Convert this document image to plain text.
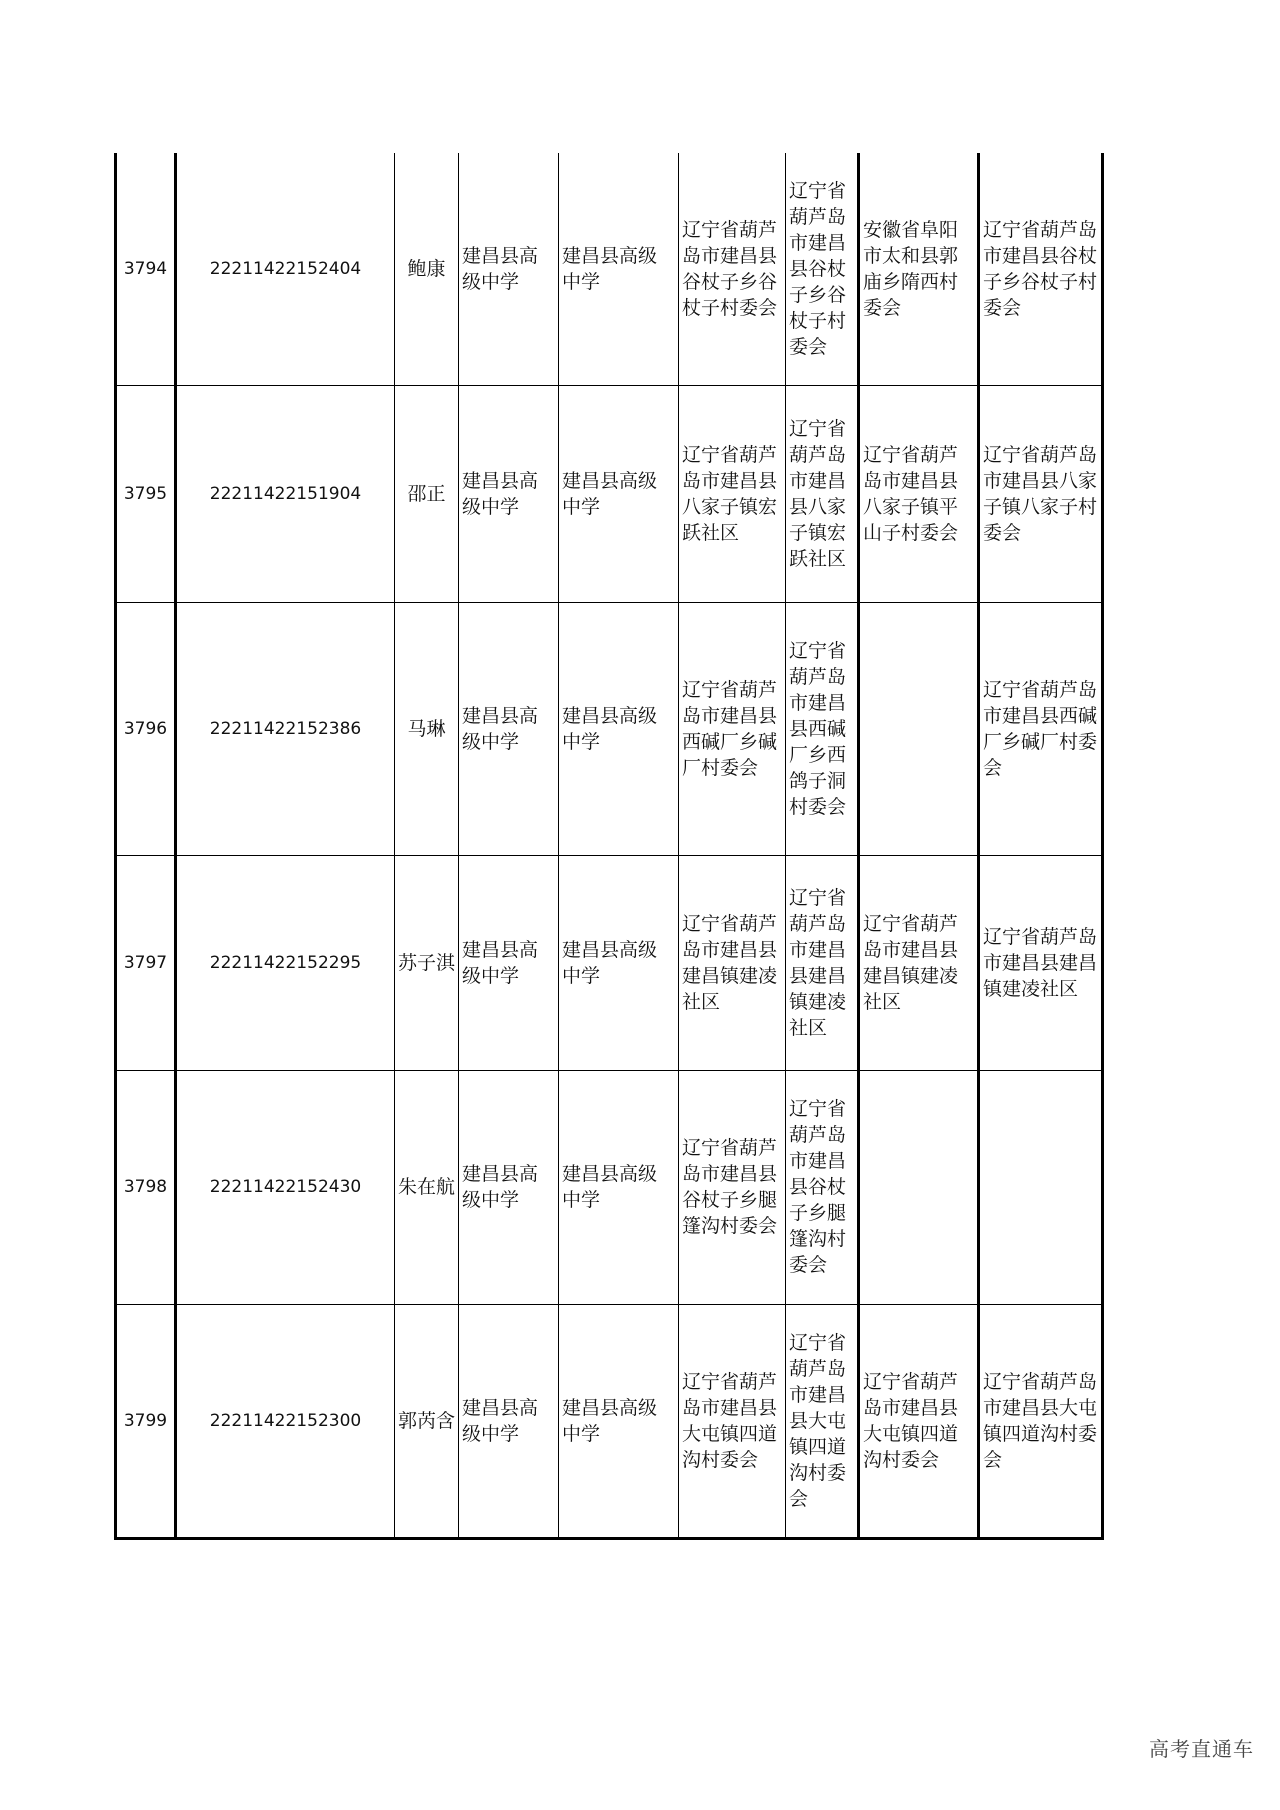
3794	22211422152404	鲍康	建昌县高级中学	建昌县高级中学	辽宁省葫芦岛市建昌县谷杖子乡谷杖子村委会	辽宁省葫芦岛市建昌县谷杖子乡谷杖子村委会	安徽省阜阳市太和县郭庙乡隋西村委会	辽宁省葫芦岛市建昌县谷杖子乡谷杖子村委会
3795	22211422151904	邵正	建昌县高级中学	建昌县高级中学	辽宁省葫芦岛市建昌县八家子镇宏跃社区	辽宁省葫芦岛市建昌县八家子镇宏跃社区	辽宁省葫芦岛市建昌县八家子镇平山子村委会	辽宁省葫芦岛市建昌县八家子镇八家子村委会
3796	22211422152386	马琳	建昌县高级中学	建昌县高级中学	辽宁省葫芦岛市建昌县西碱厂乡碱厂村委会	辽宁省葫芦岛市建昌县西碱厂乡西鸽子洞村委会		辽宁省葫芦岛市建昌县西碱厂乡碱厂村委会
3797	22211422152295	苏子淇	建昌县高级中学	建昌县高级中学	辽宁省葫芦岛市建昌县建昌镇建凌社区	辽宁省葫芦岛市建昌县建昌镇建凌社区	辽宁省葫芦岛市建昌县建昌镇建凌社区	辽宁省葫芦岛市建昌县建昌镇建凌社区
3798	22211422152430	朱在航	建昌县高级中学	建昌县高级中学	辽宁省葫芦岛市建昌县谷杖子乡腿篷沟村委会	辽宁省葫芦岛市建昌县谷杖子乡腿篷沟村委会		
3799	22211422152300	郭芮含	建昌县高级中学	建昌县高级中学	辽宁省葫芦岛市建昌县大屯镇四道沟村委会	辽宁省葫芦岛市建昌县大屯镇四道沟村委会	辽宁省葫芦岛市建昌县大屯镇四道沟村委会	辽宁省葫芦岛市建昌县大屯镇四道沟村委会
高考直通车
